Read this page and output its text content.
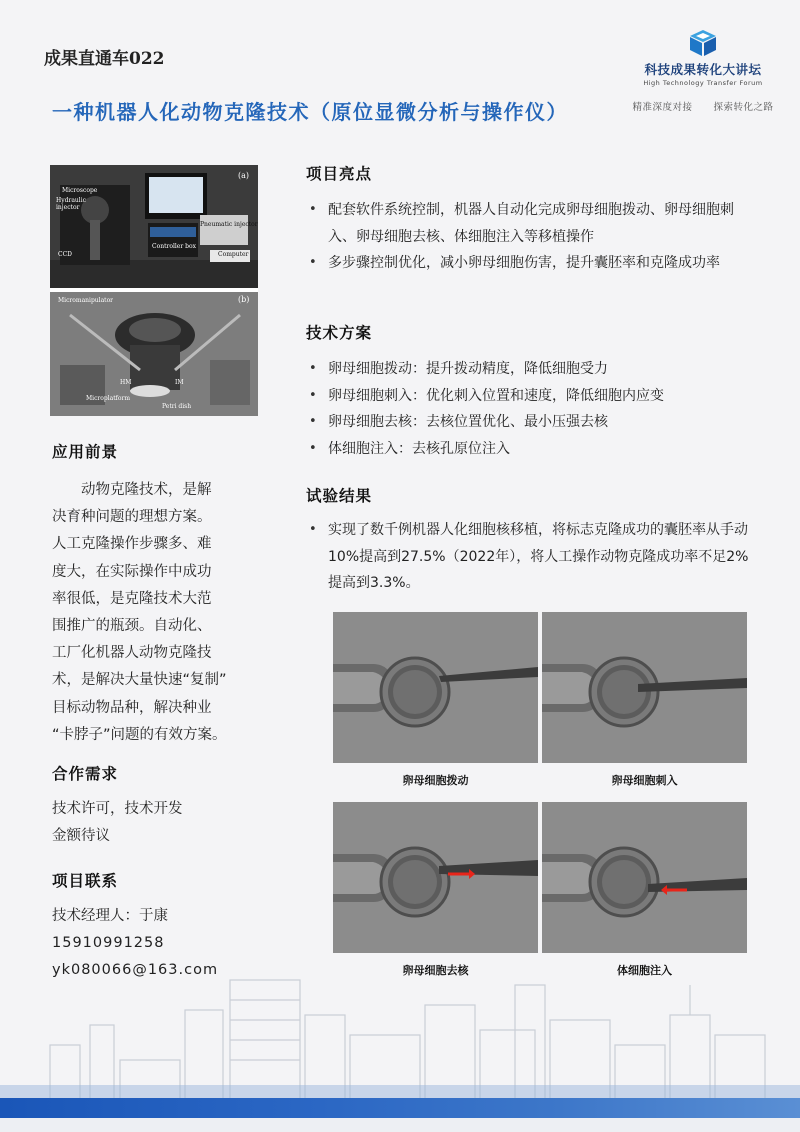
成果直通车022
科技成果转化大讲坛
High Technology Transfer Forum
精准深度对接 探索转化之路
一种机器人化动物克隆技术（原位显微分析与操作仪）
(a)
(b)
Microscope
Hydraulic injector
Pneumatic injector
Controller box
Computer
CCD
Micromanipulator
HM	IM
Microplatform
Petri dish
应用前景
　　动物克隆技术，是解
决育种问题的理想方案。
人工克隆操作步骤多、难
度大，在实际操作中成功
率很低，是克隆技术大范
围推广的瓶颈。自动化、
工厂化机器人动物克隆技
术，是解决大量快速“复制”
目标动物品种，解决种业
“卡脖子”问题的有效方案。
合作需求
技术许可，技术开发
金额待议
项目联系
技术经理人：于康
15910991258
yk080066@163.com
项目亮点
• 配套软件系统控制，机器人自动化完成卵母细胞拨动、卵母细胞刺入、卵母细胞去核、体细胞注入等移植操作
• 多步骤控制优化，减小卵母细胞伤害，提升囊胚率和克隆成功率
技术方案
• 卵母细胞拨动：提升拨动精度，降低细胞受力
• 卵母细胞刺入：优化刺入位置和速度，降低细胞内应变
• 卵母细胞去核：去核位置优化、最小压强去核
• 体细胞注入：去核孔原位注入
试验结果
• 实现了数千例机器人化细胞核移植，将标志克隆成功的囊胚率从手动10%提高到27.5%（2022年），将人工操作动物克隆成功率不足2%提高到3.3%。
卵母细胞拨动	卵母细胞刺入
卵母细胞去核	体细胞注入
